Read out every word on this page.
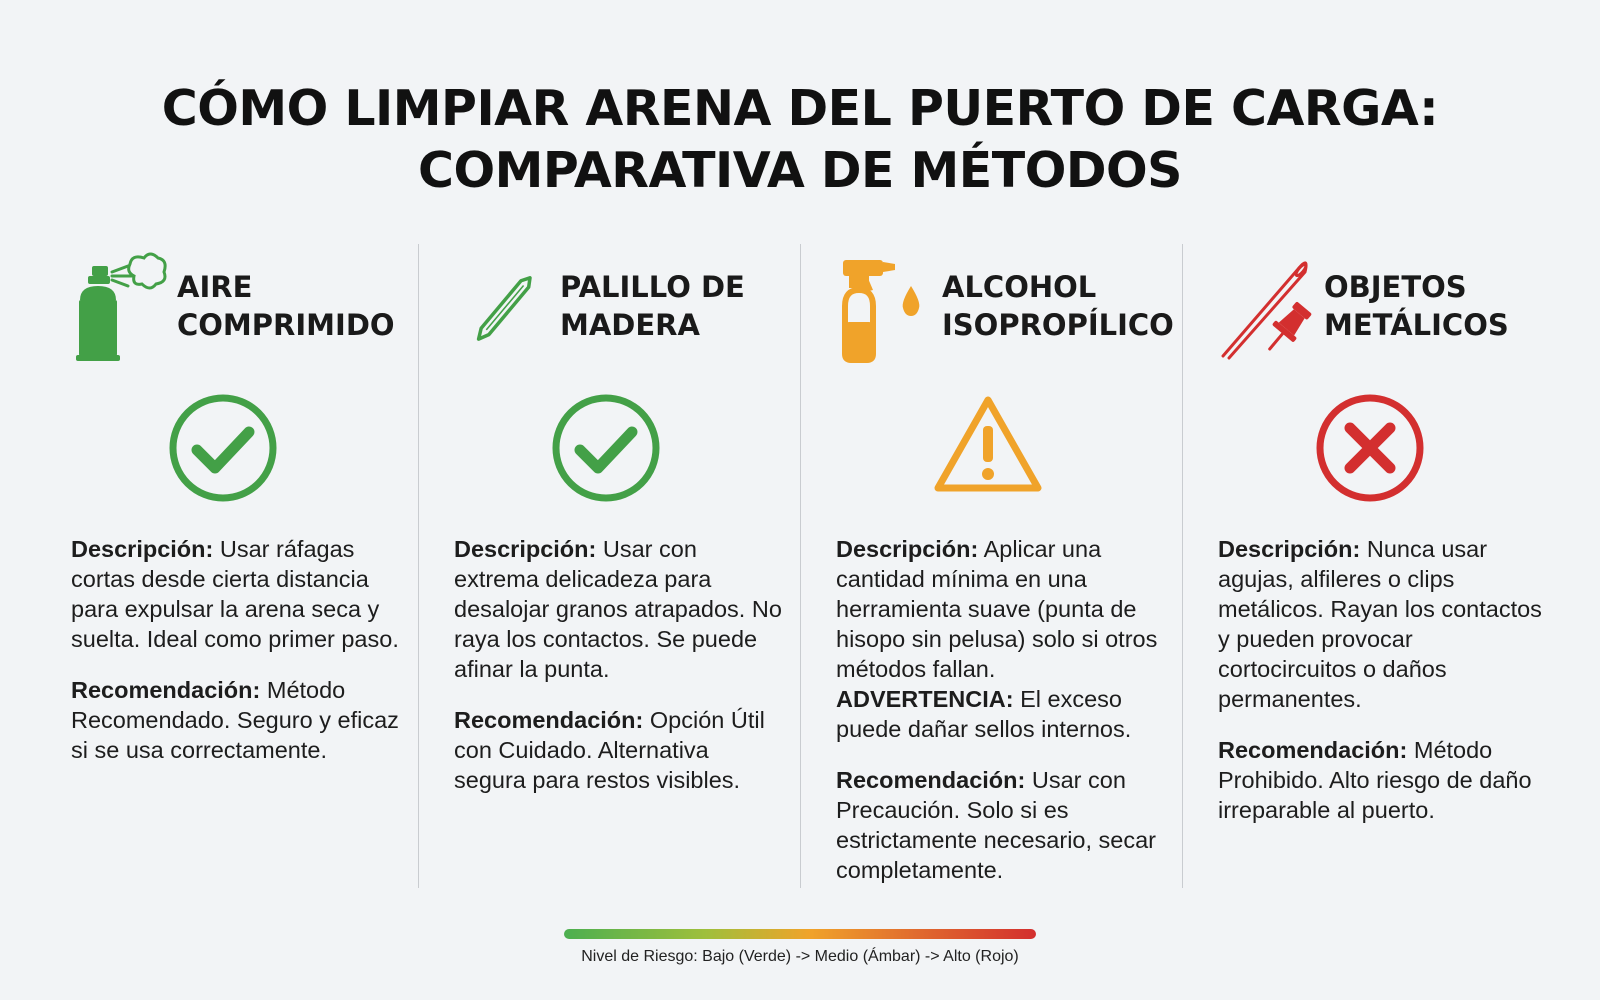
CÓMO LIMPIAR ARENA DEL PUERTO DE CARGA:
COMPARATIVA DE MÉTODOS
AIRE
COMPRIMIDO

Descripción: Usar ráfagas cortas desde cierta distancia para expulsar la arena seca y suelta. Ideal como primer paso.

Recomendación: Método Recomendado. Seguro y eficaz si se usa correctamente.

PALILLO DE
MADERA

Descripción: Usar con extrema delicadeza para desalojar granos atrapados. No raya los contactos. Se puede afinar la punta.

Recomendación: Opción Útil con Cuidado. Alternativa segura para restos visibles.

ALCOHOL
ISOPROPÍLICO

Descripción: Aplicar una cantidad mínima en una herramienta suave (punta de hisopo sin pelusa) solo si otros métodos fallan.
ADVERTENCIA: El exceso puede dañar sellos internos.

Recomendación: Usar con Precaución. Solo si es estrictamente necesario, secar completamente.

OBJETOS
METÁLICOS

Descripción: Nunca usar agujas, alfileres o clips metálicos. Rayan los contactos y pueden provocar cortocircuitos o daños permanentes.

Recomendación: Método Prohibido. Alto riesgo de daño irreparable al puerto.

Nivel de Riesgo: Bajo (Verde) -> Medio (Ámbar) -> Alto (Rojo)
